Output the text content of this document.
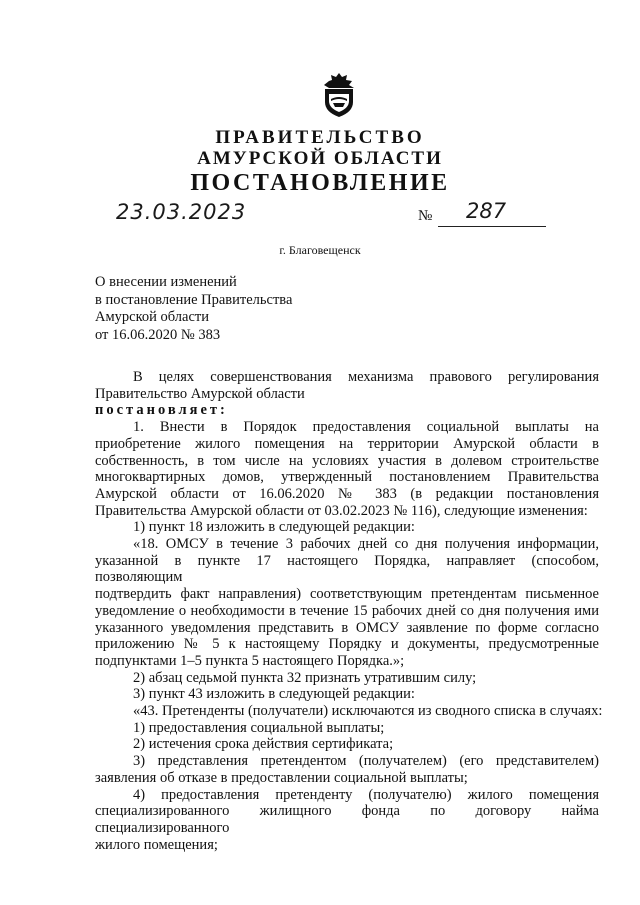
ПРАВИТЕЛЬСТВО
АМУРСКОЙ ОБЛАСТИ
ПОСТАНОВЛЕНИЕ
23.03.2023	№ 287
г. Благовещенск
О внесении изменений
в постановление Правительства
Амурской области
от 16.06.2020 № 383
В целях совершенствования механизма правового регулирования
Правительство Амурской области
постановляет:
1. Внести в Порядок предоставления социальной выплаты на
приобретение жилого помещения на территории Амурской области в
собственность, в том числе на условиях участия в долевом строительстве
многоквартирных домов, утвержденный постановлением Правительства
Амурской области от 16.06.2020 № 383 (в редакции постановления
Правительства Амурской области от 03.02.2023 № 116), следующие изменения:
1) пункт 18 изложить в следующей редакции:
«18. ОМСУ в течение 3 рабочих дней со дня получения информации,
указанной в пункте 17 настоящего Порядка, направляет (способом, позволяющим
подтвердить факт направления) соответствующим претендентам письменное
уведомление о необходимости в течение 15 рабочих дней со дня получения ими
указанного уведомления представить в ОМСУ заявление по форме согласно
приложению № 5 к настоящему Порядку и документы, предусмотренные
подпунктами 1–5 пункта 5 настоящего Порядка.»;
2) абзац седьмой пункта 32 признать утратившим силу;
3) пункт 43 изложить в следующей редакции:
«43. Претенденты (получатели) исключаются из сводного списка в случаях:
1) предоставления социальной выплаты;
2) истечения срока действия сертификата;
3) представления претендентом (получателем) (его представителем)
заявления об отказе в предоставлении социальной выплаты;
4) предоставления претенденту (получателю) жилого помещения
специализированного жилищного фонда по договору найма специализированного
жилого помещения;
